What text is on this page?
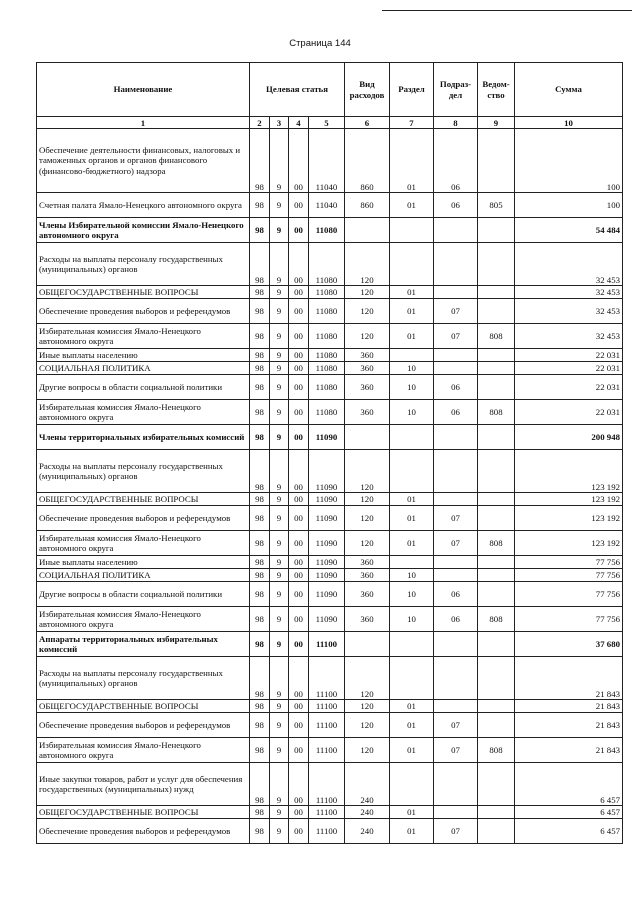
Страница 144
Наименование	Целевая статья				Вид расходов	Раздел	Подраз-дел	Ведом-ство	Сумма
1	2	3	4	5	6	7	8	9	10
Обеспечение деятельности финансовых, налоговых и таможенных органов и органов финансового (финансово-бюджетного) надзора	98	9	00	11040	860	01	06		100
Счетная палата Ямало-Ненецкого автономного округа	98	9	00	11040	860	01	06	805	100
Члены Избирательной комиссии Ямало-Ненецкого автономного округа	98	9	00	11080					54 484
Расходы на выплаты персоналу государственных (муниципальных) органов	98	9	00	11080	120				32 453
ОБЩЕГОСУДАРСТВЕННЫЕ ВОПРОСЫ	98	9	00	11080	120	01			32 453
Обеспечение проведения выборов и референдумов	98	9	00	11080	120	01	07		32 453
Избирательная комиссия Ямало-Ненецкого автономного округа	98	9	00	11080	120	01	07	808	32 453
Иные выплаты населению	98	9	00	11080	360				22 031
СОЦИАЛЬНАЯ ПОЛИТИКА	98	9	00	11080	360	10			22 031
Другие вопросы в области социальной политики	98	9	00	11080	360	10	06		22 031
Избирательная комиссия Ямало-Ненецкого автономного округа	98	9	00	11080	360	10	06	808	22 031
Члены территориальных избирательных комиссий	98	9	00	11090					200 948
Расходы на выплаты персоналу государственных (муниципальных) органов	98	9	00	11090	120				123 192
ОБЩЕГОСУДАРСТВЕННЫЕ ВОПРОСЫ	98	9	00	11090	120	01			123 192
Обеспечение проведения выборов и референдумов	98	9	00	11090	120	01	07		123 192
Избирательная комиссия Ямало-Ненецкого автономного округа	98	9	00	11090	120	01	07	808	123 192
Иные выплаты населению	98	9	00	11090	360				77 756
СОЦИАЛЬНАЯ ПОЛИТИКА	98	9	00	11090	360	10			77 756
Другие вопросы в области социальной политики	98	9	00	11090	360	10	06		77 756
Избирательная комиссия Ямало-Ненецкого автономного округа	98	9	00	11090	360	10	06	808	77 756
Аппараты территориальных избирательных комиссий	98	9	00	11100					37 680
Расходы на выплаты персоналу государственных (муниципальных) органов	98	9	00	11100	120				21 843
ОБЩЕГОСУДАРСТВЕННЫЕ ВОПРОСЫ	98	9	00	11100	120	01			21 843
Обеспечение проведения выборов и референдумов	98	9	00	11100	120	01	07		21 843
Избирательная комиссия Ямало-Ненецкого автономного округа	98	9	00	11100	120	01	07	808	21 843
Иные закупки товаров, работ и услуг для обеспечения государственных (муниципальных) нужд	98	9	00	11100	240				6 457
ОБЩЕГОСУДАРСТВЕННЫЕ ВОПРОСЫ	98	9	00	11100	240	01			6 457
Обеспечение проведения выборов и референдумов	98	9	00	11100	240	01	07		6 457
